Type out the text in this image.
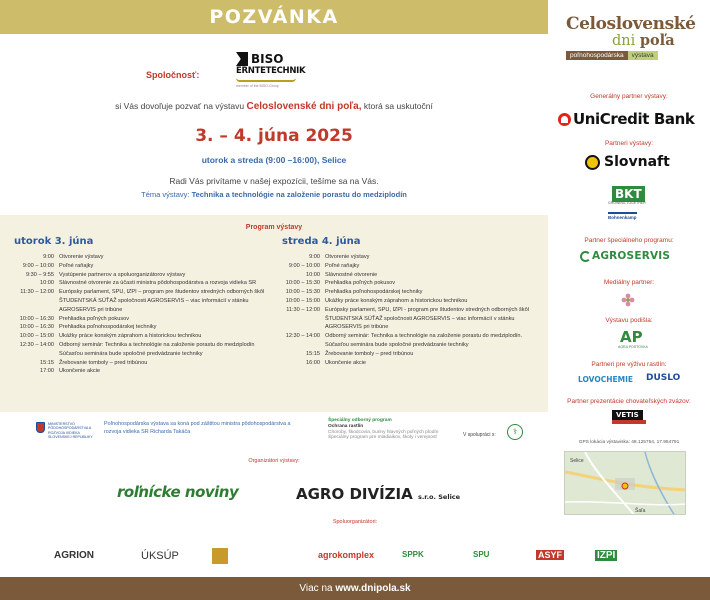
POZVÁNKA
Spoločnosť:
BISO
ERNTETECHNIK
member of the BISO-Group
si Vás dovoľuje pozvať na výstavu Celoslovenské dni poľa, ktorá sa uskutoční
3. – 4. júna 2025
utorok a streda (9:00 –16:00), Selice
Radi Vás privítame v našej expozícii, tešíme sa na Vás.
Téma výstavy: Technika a technológie na založenie porastu do medziplodín
Program výstavy
utorok 3. júna	streda 4. júna
9:00 Otvorenie výstavy
9:00 – 10:00 Poľné raňajky
9:30 – 9:55 Vystúpenie partnerov a spoluorganizátorov výstavy
10:00 Slávnostné otvorenie za účasti ministra pôdohospodárstva a rozvoja vidieka SR
11:30 – 12:00 Európsky parlament, SPU, IZPI – program pre študentov stredných odborných škôl
ŠTUDENTSKÁ SÚŤAŽ spoločnosti AGROSERVIS – viac informácií v stánku AGROSERVIS pri tribúne
10:00 – 16:30 Prehliadka poľných pokusov
10:00 – 16:30 Prehliadka poľnohospodárskej techniky
10:00 – 15:00 Ukážky práce konským záprahom a historickou technikou
12:30 – 14:00 Odborný seminár: Technika a technológie na založenie porastu do medziplodín Súčasťou seminára bude spoločné predvádzanie techniky
15:15 Žrebovanie tomboly – pred tribúnou
17:00 Ukončenie akcie
9:00 Otvorenie výstavy
9:00 – 10:00 Poľné raňajky
10:00 Slávnostné otvorenie
10:00 – 15:30 Prehliadka poľných pokusov
10:00 – 15:30 Prehliadka poľnohospodárskej techniky
10:00 – 15:00 Ukážky práce konským záprahom a historickou technikou
11:30 – 12:00 Európsky parlament, SPU, IZPI - program pre študentov stredných odborných škôl
ŠTUDENTSKÁ SÚŤAŽ spoločnosti AGROSERVIS – viac informácií v stánku AGROSERVIS pri tribúne
12:30 – 14:00 Odborný seminár: Technika a technológie na založenie porastu do medziplodín. Súčasťou seminára bude spoločné predvádzanie techniky
15:15 Žrebovanie tomboly – pred tribúnou
16:00 Ukončenie akcie
MINISTERSTVO PÔDOHOSPODÁRSTVA A ROZVOJA VIDIEKA SLOVENSKEJ REPUBLIKY
Poľnohospodárska výstava sa koná pod záštitou ministra pôdohospodárstva a rozvoja vidieka SR Richarda Takáča
Špeciálny odborný program
Ochrana rastlín
Choroby, škodcovia, buriny hlavných poľných plodín
Špeciálny program pre mladiaikov, školy i verejnosť	V spolupráci s:	⚕
Organizátori výstavy:
roľnícke noviny	AGRO DIVÍZIA s.r.o. Selice
Spoluorganizátori:
AGRION	ÚKSÚP	agrokomplex	SPPK	SPU	ASYF	IZPI
Viac na www.dnipola.sk
Celoslovenské
dni poľa
poľnohospodárska	výstava
Generálny partner výstavy:
UniCredit Bank
Partneri výstavy:
Slovnaft
BKT
GROWING TOGETHER
Bohnenkamp
Partner špeciálneho programu:
AGROSERVIS
Mediálny partner:
Výstavu podišla:
AP
AGRA POSTOVKA
Partneri pre výživu rastlín:
LOVOCHEMIE DUSLO
Partner prezentácie chovateľských zvázov:
VETIS
GPS lokácia výstaviska: 48.125754, 17.954791
Selice
Šaľa
